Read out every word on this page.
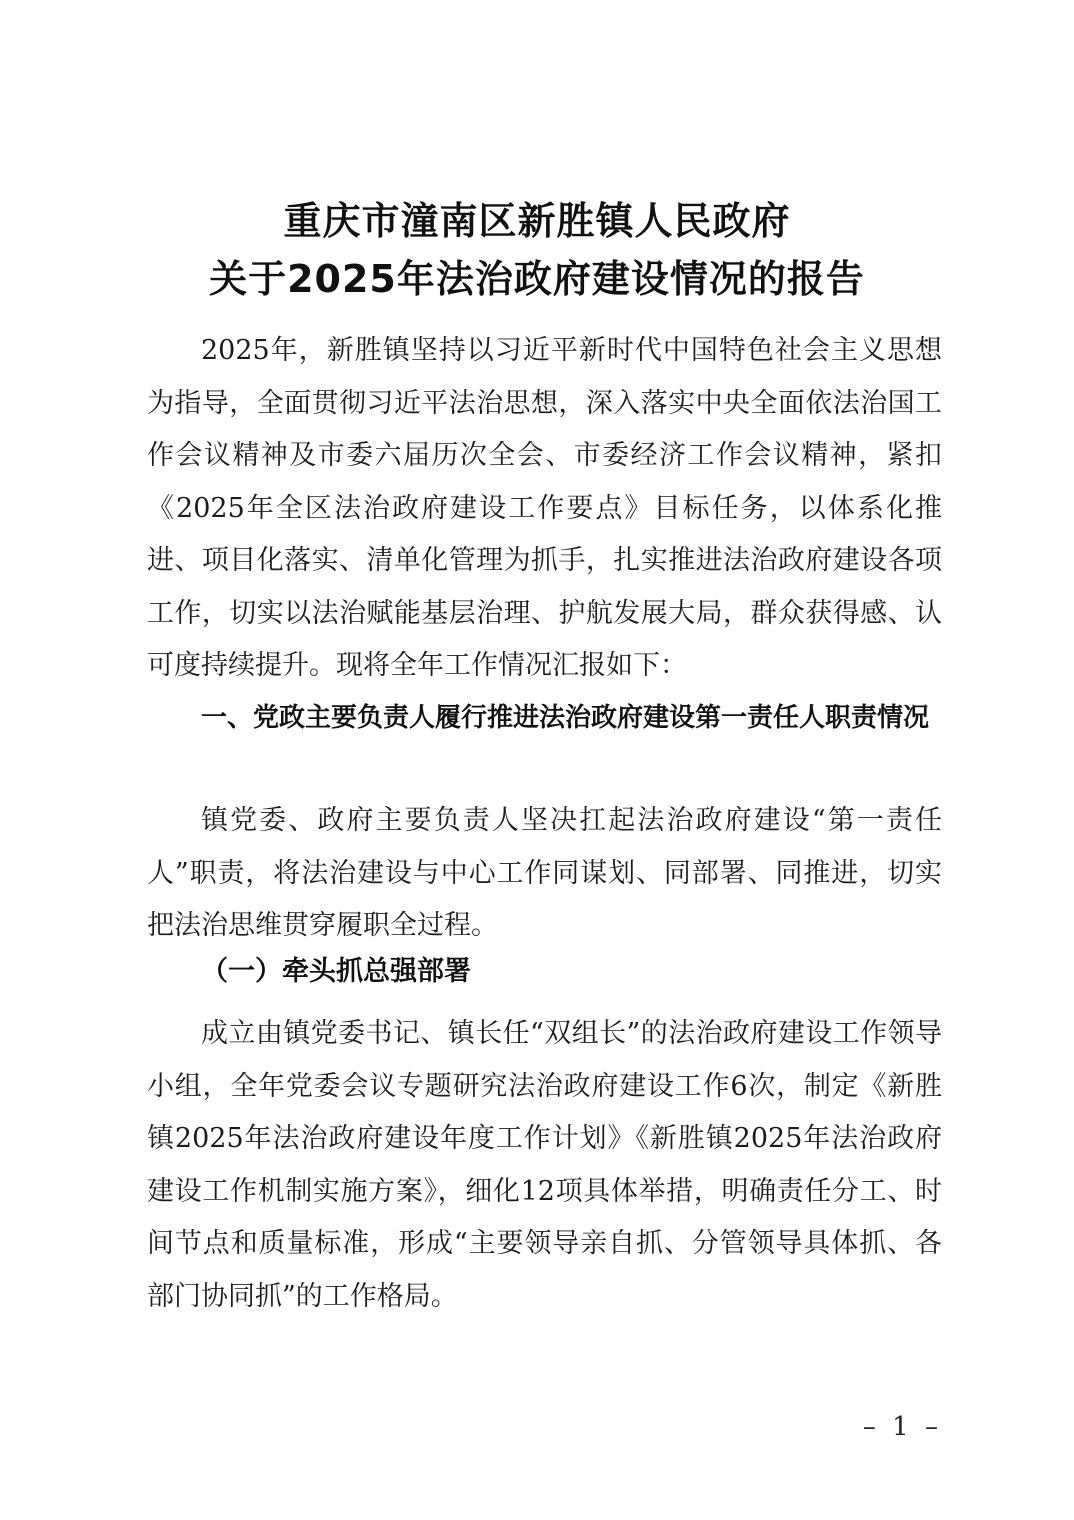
重庆市潼南区新胜镇人民政府
关于2025年法治政府建设情况的报告

2025年，新胜镇坚持以习近平新时代中国特色社会主义思想为指导，全面贯彻习近平法治思想，深入落实中央全面依法治国工作会议精神及市委六届历次全会、市委经济工作会议精神，紧扣《2025年全区法治政府建设工作要点》目标任务，以体系化推进、项目化落实、清单化管理为抓手，扎实推进法治政府建设各项工作，切实以法治赋能基层治理、护航发展大局，群众获得感、认可度持续提升。现将全年工作情况汇报如下：

一、党政主要负责人履行推进法治政府建设第一责任人职责情况

镇党委、政府主要负责人坚决扛起法治政府建设“第一责任人”职责，将法治建设与中心工作同谋划、同部署、同推进，切实把法治思维贯穿履职全过程。

（一）牵头抓总强部署

成立由镇党委书记、镇长任“双组长”的法治政府建设工作领导小组，全年党委会议专题研究法治政府建设工作6次，制定《新胜镇2025年法治政府建设年度工作计划》《新胜镇2025年法治政府建设工作机制实施方案》，细化12项具体举措，明确责任分工、时间节点和质量标准，形成“主要领导亲自抓、分管领导具体抓、各部门协同抓”的工作格局。

– 1 –
